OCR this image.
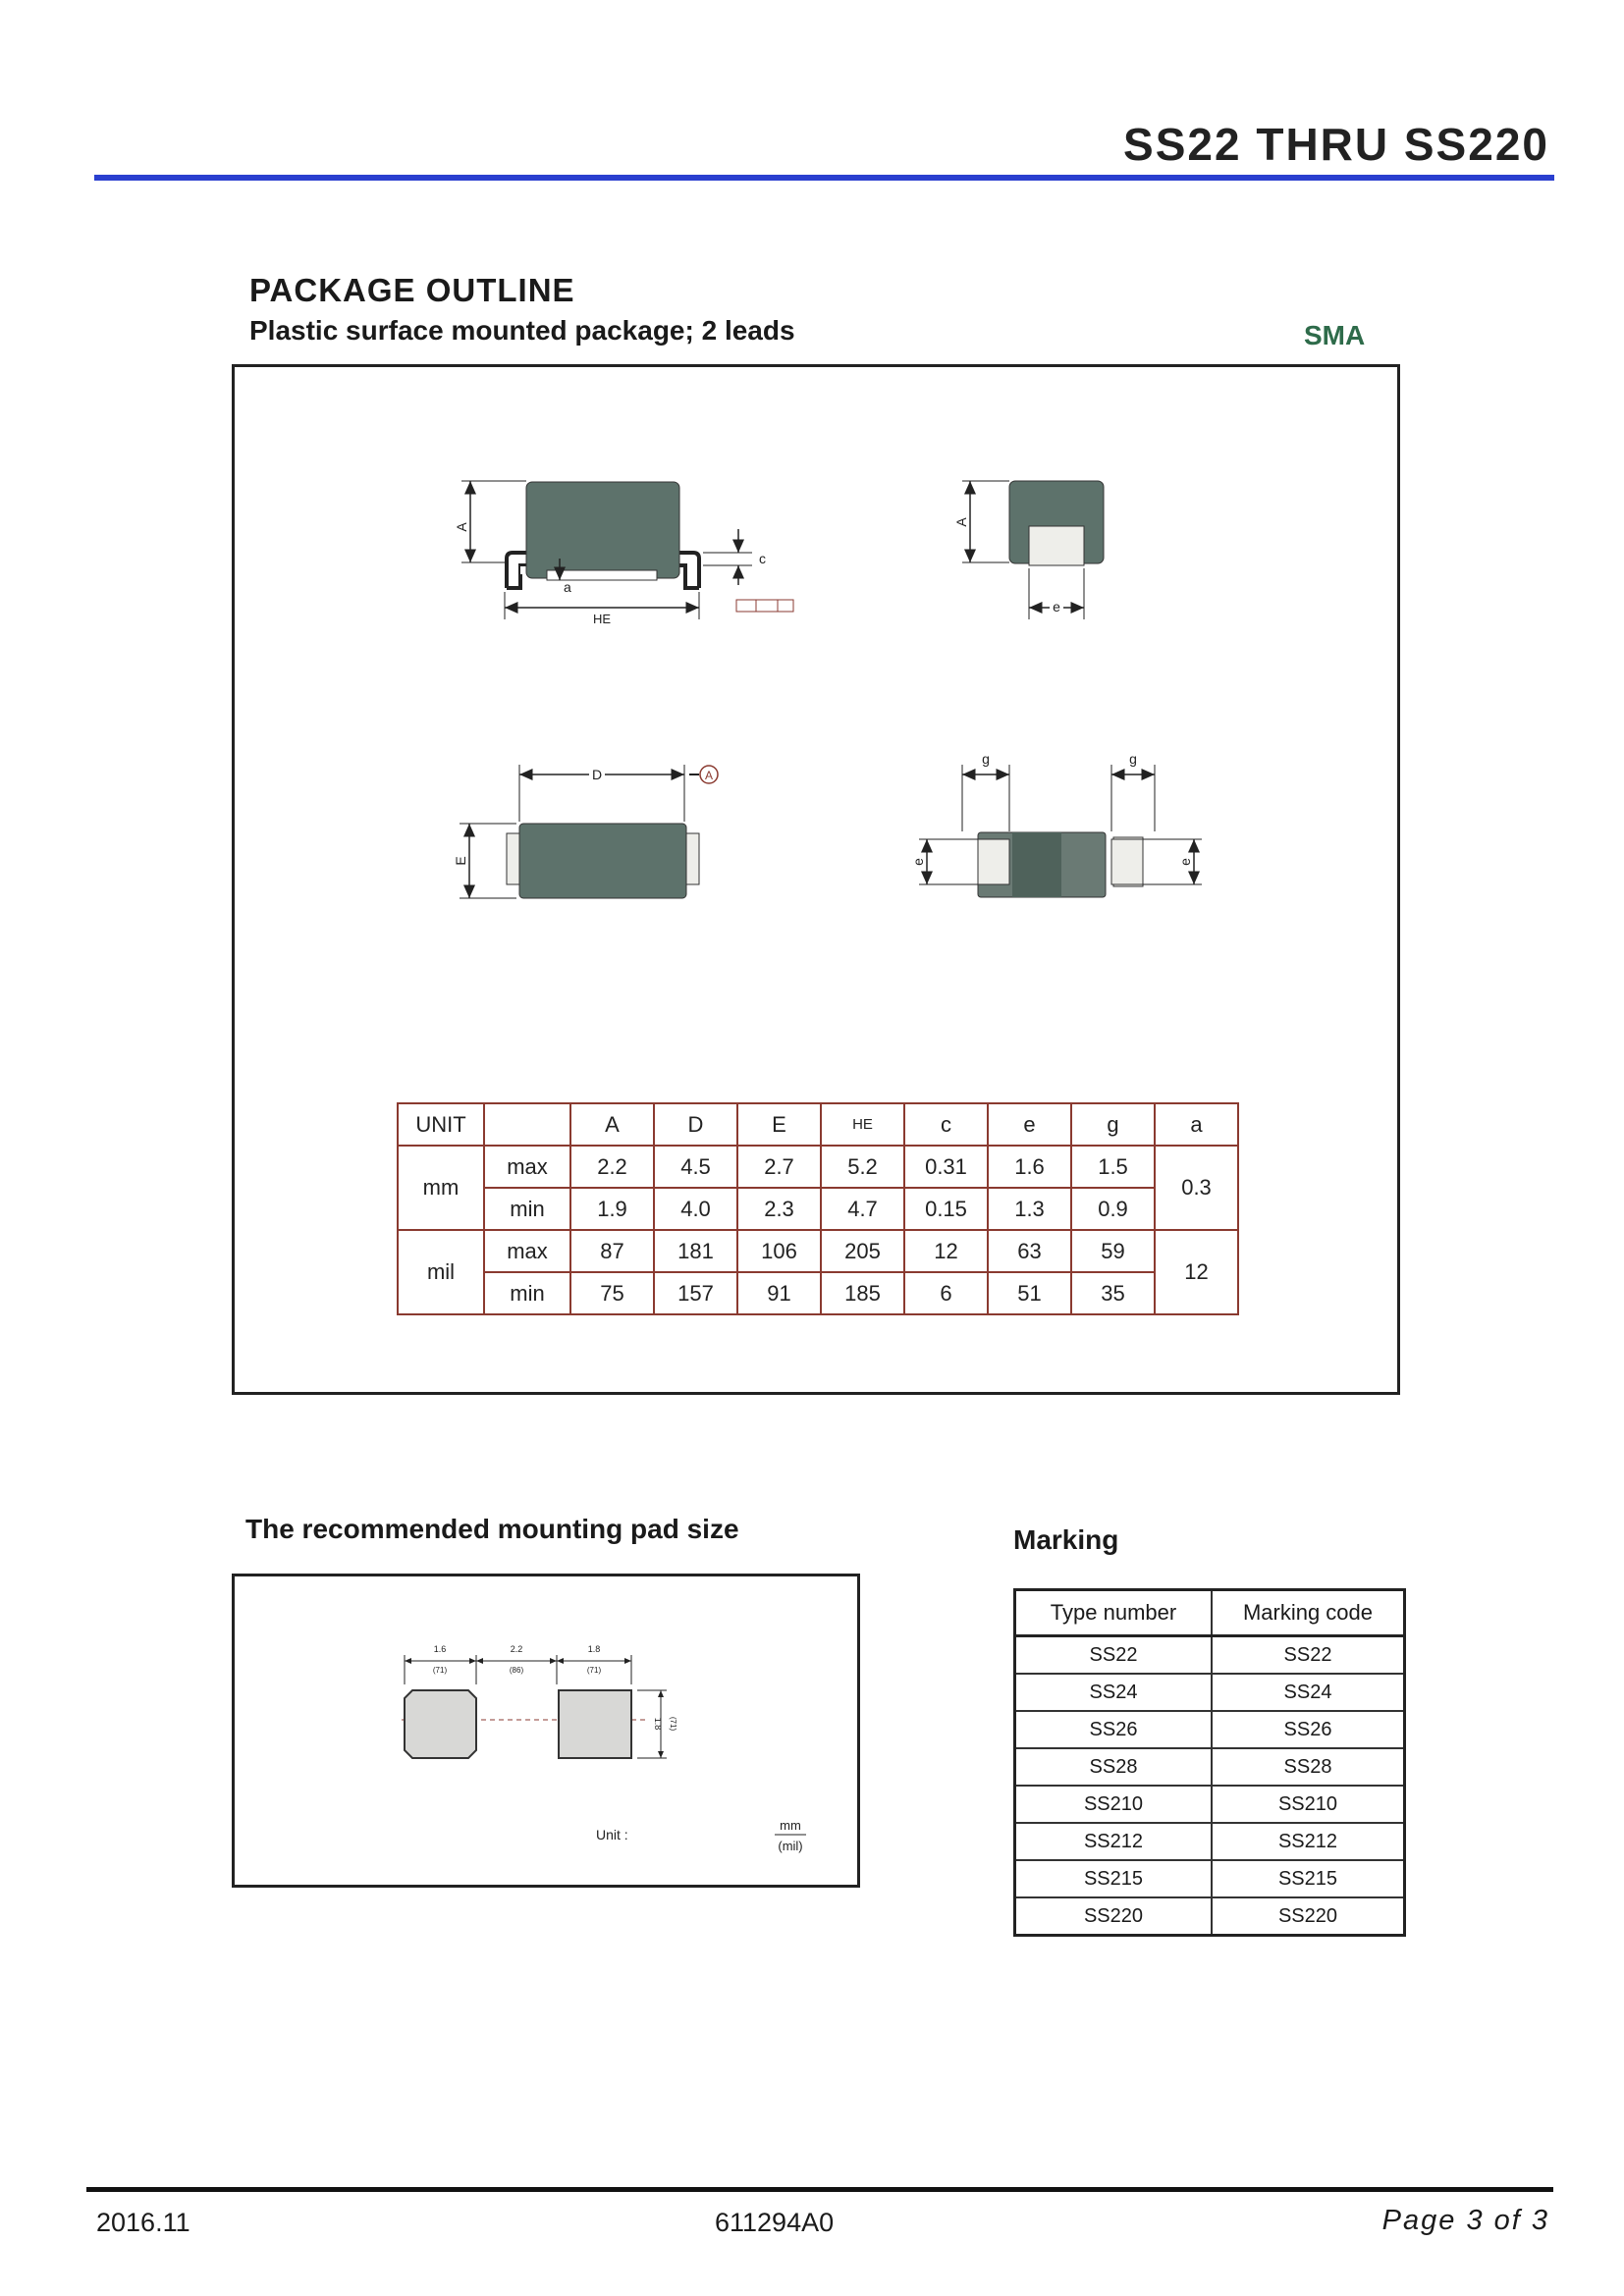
SS22 THRU SS220
PACKAGE OUTLINE
Plastic surface mounted package; 2 leads	SMA
A
a
c
HE
A
e
D	A
E
g	g
e	e
UNIT		A	D	E	HE	c	e	g	a
mm	max	2.2	4.5	2.7	5.2	0.31	1.6	1.5	0.3
	min	1.9	4.0	2.3	4.7	0.15	1.3	0.9	
mil	max	87	181	106	205	12	63	59	12
	min	75	157	91	185	6	51	35	
The recommended mounting pad size
1.6
(71)
2.2
(86)
1.8
(71)
1.8 (71)
Unit :
mm
(mil)
Marking
Type number	Marking code
SS22	SS22
SS24	SS24
SS26	SS26
SS28	SS28
SS210	SS210
SS212	SS212
SS215	SS215
SS220	SS220
2016.11	611294A0	Page 3 of 3
